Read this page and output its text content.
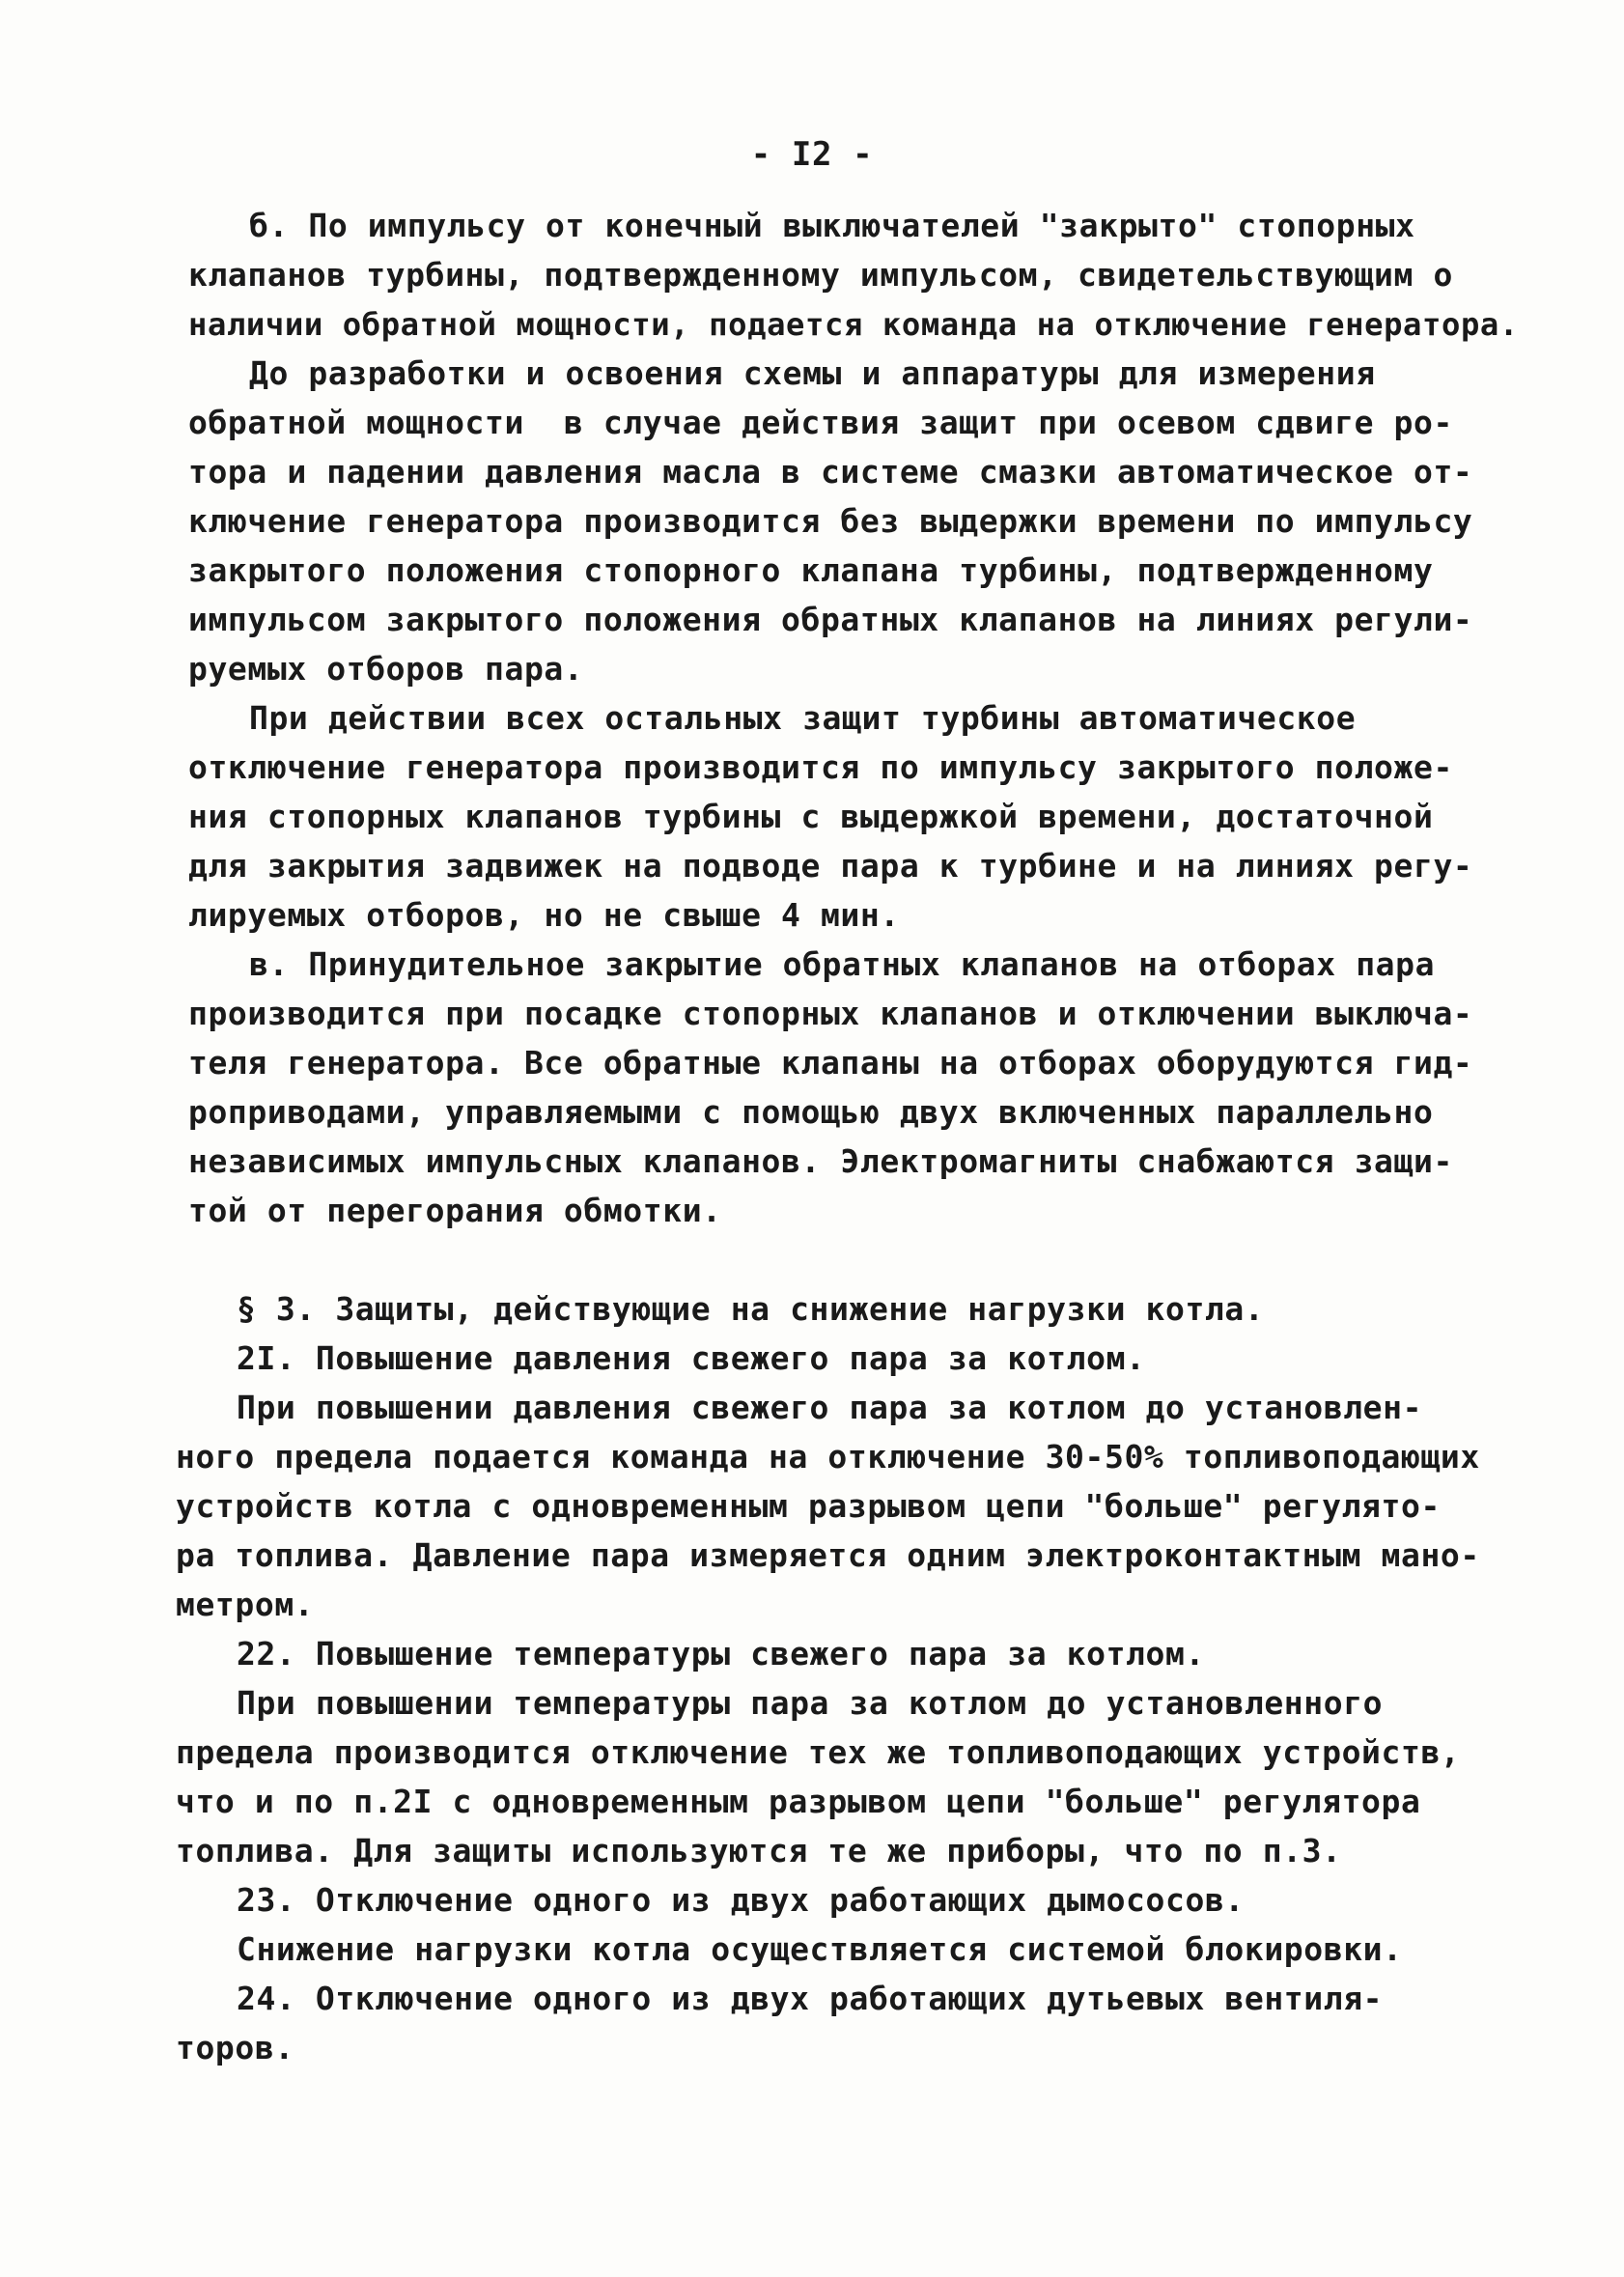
- I2 -
б. По импульсу от конечный выключателей "закрыто" стопорных
клапанов турбины, подтвержденному импульсом, свидетельствующим о
наличии обратной мощности, подается команда на отключение генератора.
До разработки и освоения схемы и аппаратуры для измерения
обратной мощности  в случае действия защит при осевом сдвиге ро-
тора и падении давления масла в системе смазки автоматическое от-
ключение генератора производится без выдержки времени по импульсу
закрытого положения стопорного клапана турбины, подтвержденному
импульсом закрытого положения обратных клапанов на линиях регули-
руемых отборов пара.
При действии всех остальных защит турбины автоматическое
отключение генератора производится по импульсу закрытого положе-
ния стопорных клапанов турбины с выдержкой времени, достаточной
для закрытия задвижек на подводе пара к турбине и на линиях регу-
лируемых отборов, но не свыше 4 мин.
в. Принудительное закрытие обратных клапанов на отборах пара
производится при посадке стопорных клапанов и отключении выключа-
теля генератора. Все обратные клапаны на отборах оборудуются гид-
роприводами, управляемыми с помощью двух включенных параллельно
независимых импульсных клапанов. Электромагниты снабжаются защи-
той от перегорания обмотки.
§ 3. Защиты, действующие на снижение нагрузки котла.
2I. Повышение давления свежего пара за котлом.
При повышении давления свежего пара за котлом до установлен-
ного предела подается команда на отключение 30-50% топливоподающих
устройств котла с одновременным разрывом цепи "больше" регулято-
ра топлива. Давление пара измеряется одним электроконтактным мано-
метром.
22. Повышение температуры свежего пара за котлом.
При повышении температуры пара за котлом до установленного
предела производится отключение тех же топливоподающих устройств,
что и по п.2I с одновременным разрывом цепи "больше" регулятора
топлива. Для защиты используются те же приборы, что по п.3.
23. Отключение одного из двух работающих дымососов.
Снижение нагрузки котла осуществляется системой блокировки.
24. Отключение одного из двух работающих дутьевых вентиля-
торов.
